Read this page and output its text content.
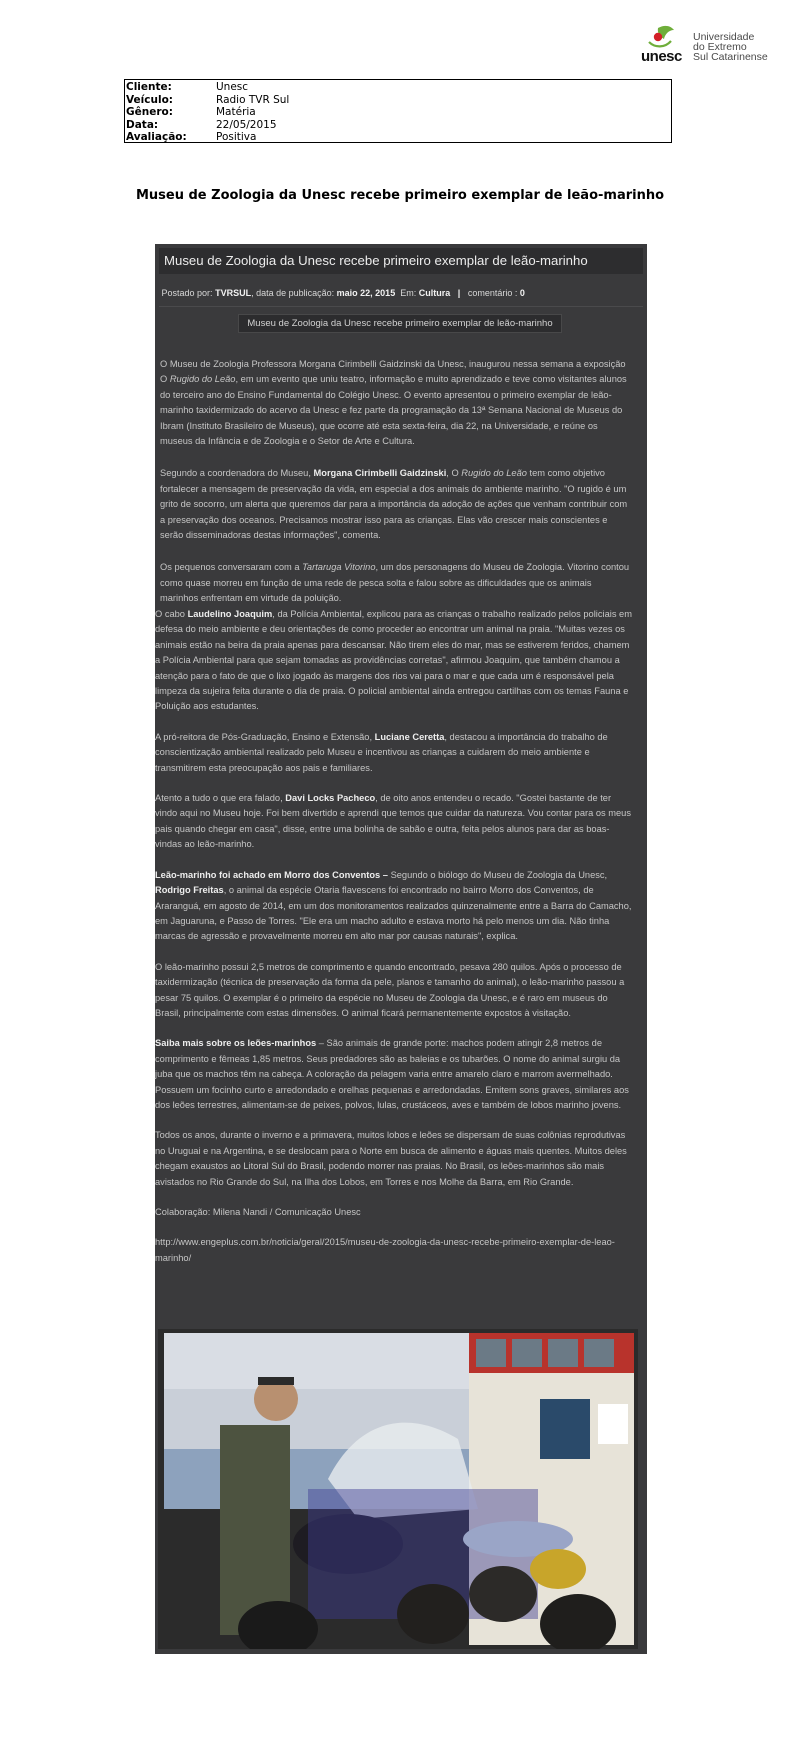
unesc
Universidade
do Extremo
Sul Catarinense
Cliente:	Unesc
Veículo:	Radio TVR Sul
Gênero:	Matéria
Data:	22/05/2015
Avaliação:	Positiva
Museu de Zoologia da Unesc recebe primeiro exemplar de leão-marinho
Museu de Zoologia da Unesc recebe primeiro exemplar de leão-marinho
Postado por: TVRSUL, data de publicação: maio 22, 2015 Em: Cultura | comentário : 0
Museu de Zoologia da Unesc recebe primeiro exemplar de leão-marinho

O Museu de Zoologia Professora Morgana Cirimbelli Gaidzinski da Unesc, inaugurou nessa semana a exposição O Rugido do Leão, em um evento que uniu teatro, informação e muito aprendizado e teve como visitantes alunos do terceiro ano do Ensino Fundamental do Colégio Unesc. O evento apresentou o primeiro exemplar de leão-marinho taxidermizado do acervo da Unesc e fez parte da programação da 13ª Semana Nacional de Museus do Ibram (Instituto Brasileiro de Museus), que ocorre até esta sexta-feira, dia 22, na Universidade, e reúne os museus da Infância e de Zoologia e o Setor de Arte e Cultura.

Segundo a coordenadora do Museu, Morgana Cirimbelli Gaidzinski, O Rugido do Leão tem como objetivo fortalecer a mensagem de preservação da vida, em especial a dos animais do ambiente marinho. "O rugido é um grito de socorro, um alerta que queremos dar para a importância da adoção de ações que venham contribuir com a preservação dos oceanos. Precisamos mostrar isso para as crianças. Elas vão crescer mais conscientes e serão disseminadoras destas informações", comenta.

Os pequenos conversaram com a Tartaruga Vitorino, um dos personagens do Museu de Zoologia. Vitorino contou como quase morreu em função de uma rede de pesca solta e falou sobre as dificuldades que os animais marinhos enfrentam em virtude da poluição.

O cabo Laudelino Joaquim, da Polícia Ambiental, explicou para as crianças o trabalho realizado pelos policiais em defesa do meio ambiente e deu orientações de como proceder ao encontrar um animal na praia. "Muitas vezes os animais estão na beira da praia apenas para descansar. Não tirem eles do mar, mas se estiverem feridos, chamem a Polícia Ambiental para que sejam tomadas as providências corretas", afirmou Joaquim, que também chamou a atenção para o fato de que o lixo jogado às margens dos rios vai para o mar e que cada um é responsável pela limpeza da sujeira feita durante o dia de praia. O policial ambiental ainda entregou cartilhas com os temas Fauna e Poluição aos estudantes.

A pró-reitora de Pós-Graduação, Ensino e Extensão, Luciane Ceretta, destacou a importância do trabalho de conscientização ambiental realizado pelo Museu e incentivou as crianças a cuidarem do meio ambiente e transmitirem esta preocupação aos pais e familiares.

Atento a tudo o que era falado, Davi Locks Pacheco, de oito anos entendeu o recado. "Gostei bastante de ter vindo aqui no Museu hoje. Foi bem divertido e aprendi que temos que cuidar da natureza. Vou contar para os meus pais quando chegar em casa", disse, entre uma bolinha de sabão e outra, feita pelos alunos para dar as boas-vindas ao leão-marinho.

Leão-marinho foi achado em Morro dos Conventos – Segundo o biólogo do Museu de Zoologia da Unesc, Rodrigo Freitas, o animal da espécie Otaria flavescens foi encontrado no bairro Morro dos Conventos, de Araranguá, em agosto de 2014, em um dos monitoramentos realizados quinzenalmente entre a Barra do Camacho, em Jaguaruna, e Passo de Torres. "Ele era um macho adulto e estava morto há pelo menos um dia. Não tinha marcas de agressão e provavelmente morreu em alto mar por causas naturais", explica.

O leão-marinho possui 2,5 metros de comprimento e quando encontrado, pesava 280 quilos. Após o processo de taxidermização (técnica de preservação da forma da pele, planos e tamanho do animal), o leão-marinho passou a pesar 75 quilos. O exemplar é o primeiro da espécie no Museu de Zoologia da Unesc, e é raro em museus do Brasil, principalmente com estas dimensões. O animal ficará permanentemente expostos à visitação.

Saiba mais sobre os leões-marinhos – São animais de grande porte: machos podem atingir 2,8 metros de comprimento e fêmeas 1,85 metros. Seus predadores são as baleias e os tubarões. O nome do animal surgiu da juba que os machos têm na cabeça. A coloração da pelagem varia entre amarelo claro e marrom avermelhado. Possuem um focinho curto e arredondado e orelhas pequenas e arredondadas. Emitem sons graves, similares aos dos leões terrestres, alimentam-se de peixes, polvos, lulas, crustáceos, aves e também de lobos marinho jovens.

Todos os anos, durante o inverno e a primavera, muitos lobos e leões se dispersam de suas colônias reprodutivas no Uruguai e na Argentina, e se deslocam para o Norte em busca de alimento e águas mais quentes. Muitos deles chegam exaustos ao Litoral Sul do Brasil, podendo morrer nas praias. No Brasil, os leões-marinhos são mais avistados no Rio Grande do Sul, na Ilha dos Lobos, em Torres e nos Molhe da Barra, em Rio Grande.

Colaboração: Milena Nandi / Comunicação Unesc

http://www.engeplus.com.br/noticia/geral/2015/museu-de-zoologia-da-unesc-recebe-primeiro-exemplar-de-leao-marinho/
